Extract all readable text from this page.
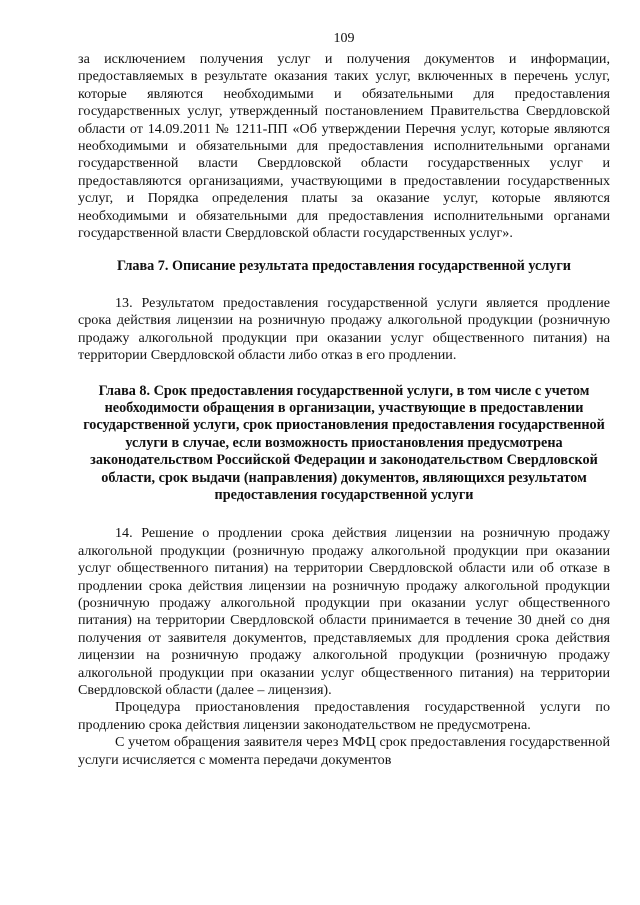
109

за исключением получения услуг и получения документов и информации, предоставляемых в результате оказания таких услуг, включенных в перечень услуг, которые являются необходимыми и обязательными для предоставления государственных услуг, утвержденный постановлением Правительства Свердловской области от 14.09.2011 № 1211-ПП «Об утверждении Перечня услуг, которые являются необходимыми и обязательными для предоставления исполнительными органами государственной власти Свердловской области государственных услуг и предоставляются организациями, участвующими в предоставлении государственных услуг, и Порядка определения платы за оказание услуг, которые являются необходимыми и обязательными для предоставления исполнительными органами государственной власти Свердловской области государственных услуг».

Глава 7. Описание результата предоставления государственной услуги

13. Результатом предоставления государственной услуги является продление срока действия лицензии на розничную продажу алкогольной продукции (розничную продажу алкогольной продукции при оказании услуг общественного питания) на территории Свердловской области либо отказ в его продлении.

Глава 8. Срок предоставления государственной услуги, в том числе с учетом необходимости обращения в организации, участвующие в предоставлении государственной услуги, срок приостановления предоставления государственной услуги в случае, если возможность приостановления предусмотрена законодательством Российской Федерации и законодательством Свердловской области, срок выдачи (направления) документов, являющихся результатом предоставления государственной услуги

14. Решение о продлении срока действия лицензии на розничную продажу алкогольной продукции (розничную продажу алкогольной продукции при оказании услуг общественного питания) на территории Свердловской области или об отказе в продлении срока действия лицензии на розничную продажу алкогольной продукции (розничную продажу алкогольной продукции при оказании услуг общественного питания) на территории Свердловской области принимается в течение 30 дней со дня получения от заявителя документов, представляемых для продления срока действия лицензии на розничную продажу алкогольной продукции (розничную продажу алкогольной продукции при оказании услуг общественного питания) на территории Свердловской области (далее – лицензия).

Процедура приостановления предоставления государственной услуги по продлению срока действия лицензии законодательством не предусмотрена.

С учетом обращения заявителя через МФЦ срок предоставления государственной услуги исчисляется с момента передачи документов
